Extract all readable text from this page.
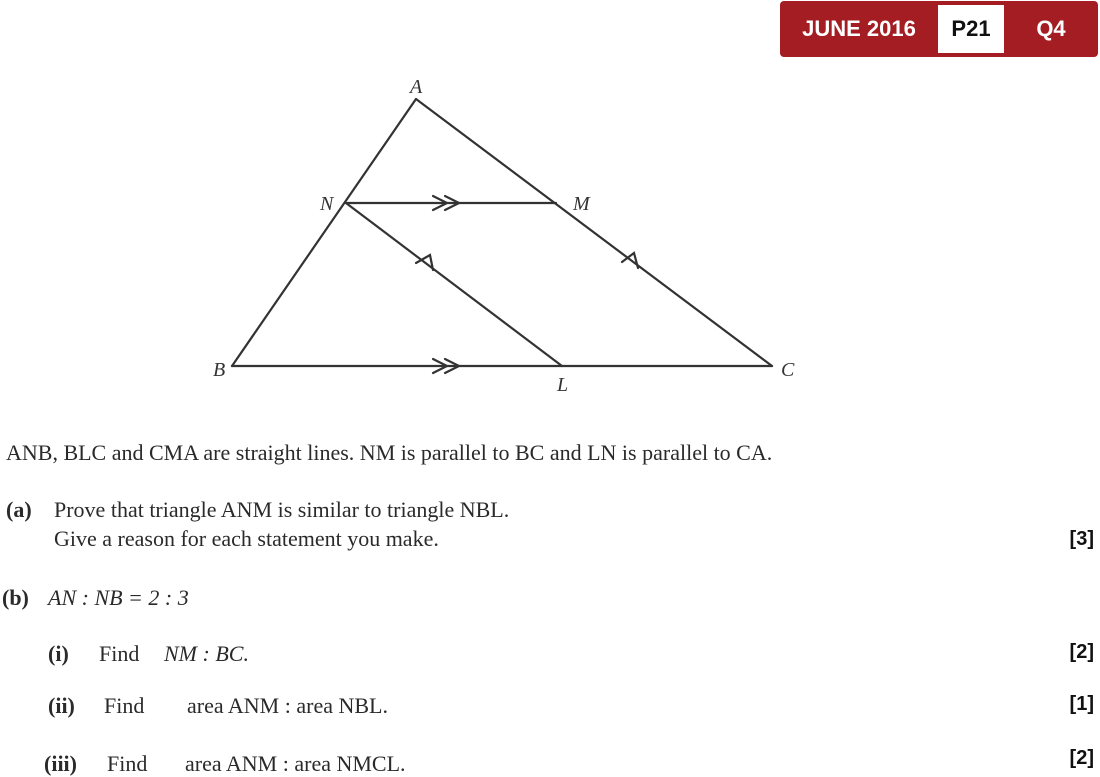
JUNE 2016	P21	Q4
A
N	M
B
L
C
ANB, BLC and CMA are straight lines. NM is parallel to BC and LN is parallel to CA.
(a) Prove that triangle ANM is similar to triangle NBL.
Give a reason for each statement you make.	[3]
(b) AN : NB = 2 : 3
(i) Find NM : BC.	[2]
(ii) Find area ANM : area NBL.	[1]
(iii) Find area ANM : area NMCL.	[2]
